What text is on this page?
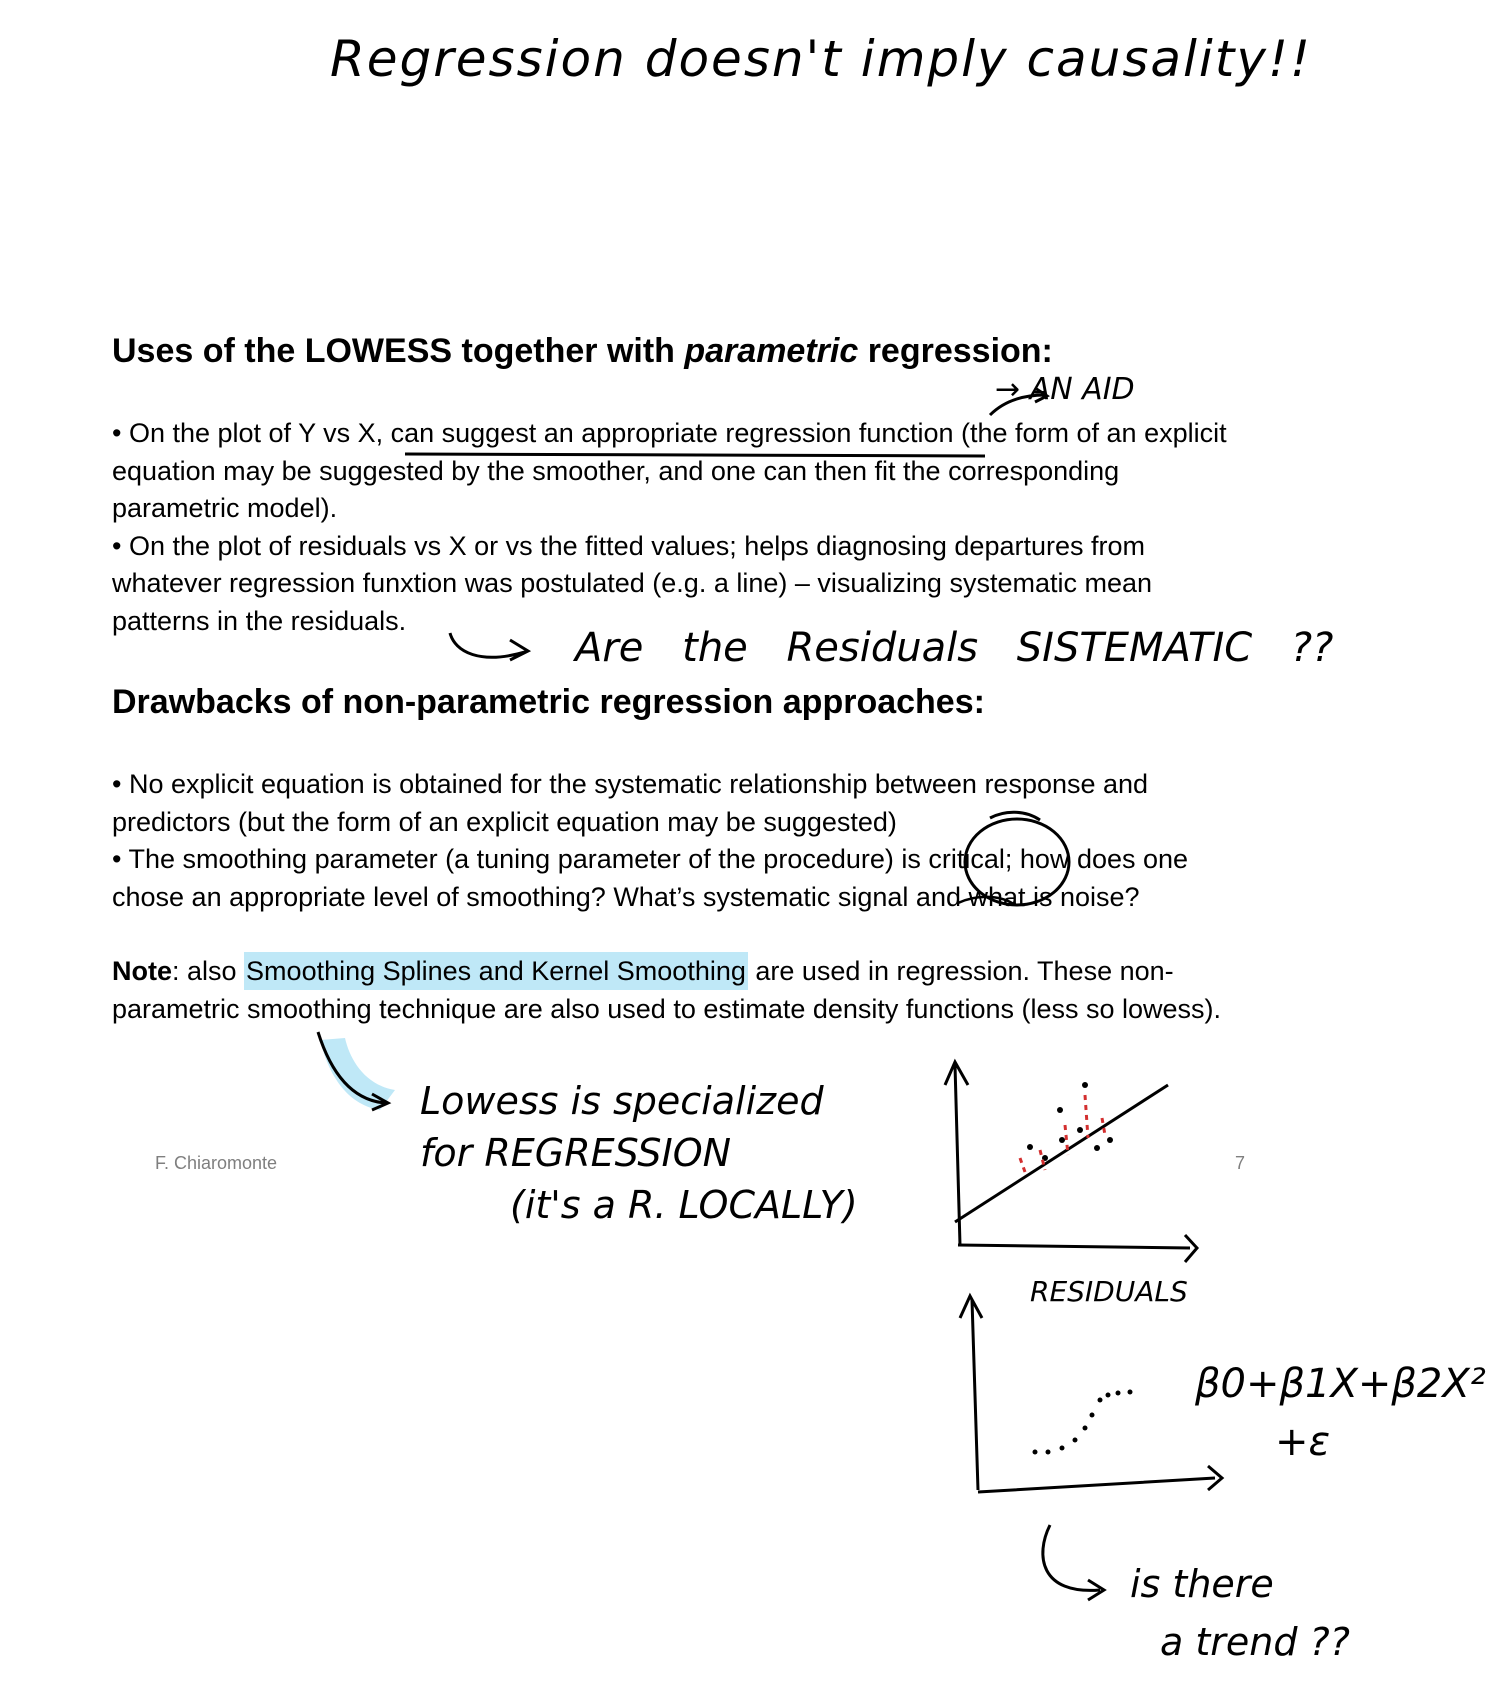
Regression doesn't imply causality!!
Uses of the LOWESS together with parametric regression:
→ AN AID
• On the plot of Y vs X, can suggest an appropriate regression function (the form of an explicit
equation may be suggested by the smoother, and one can then fit the corresponding
parametric model).
• On the plot of residuals vs X or vs the fitted values; helps diagnosing departures from
whatever regression funxtion was postulated (e.g. a line) – visualizing systematic mean
patterns in the residuals.
Are the Residuals SISTEMATIC ??
Drawbacks of non-parametric regression approaches:
• No explicit equation is obtained for the systematic relationship between response and
predictors (but the form of an explicit equation may be suggested)
• The smoothing parameter (a tuning parameter of the procedure) is critical; how does one
chose an appropriate level of smoothing? What’s systematic signal and what is noise?
Note: also Smoothing Splines and Kernel Smoothing are used in regression. These non-
parametric smoothing technique are also used to estimate density functions (less so lowess).
Lowess is specialized
for REGRESSION
(it's a R. LOCALLY)
F. Chiaromonte	7
RESIDUALS
β0+β1X+β2X²
+ε
is there
a trend ??
